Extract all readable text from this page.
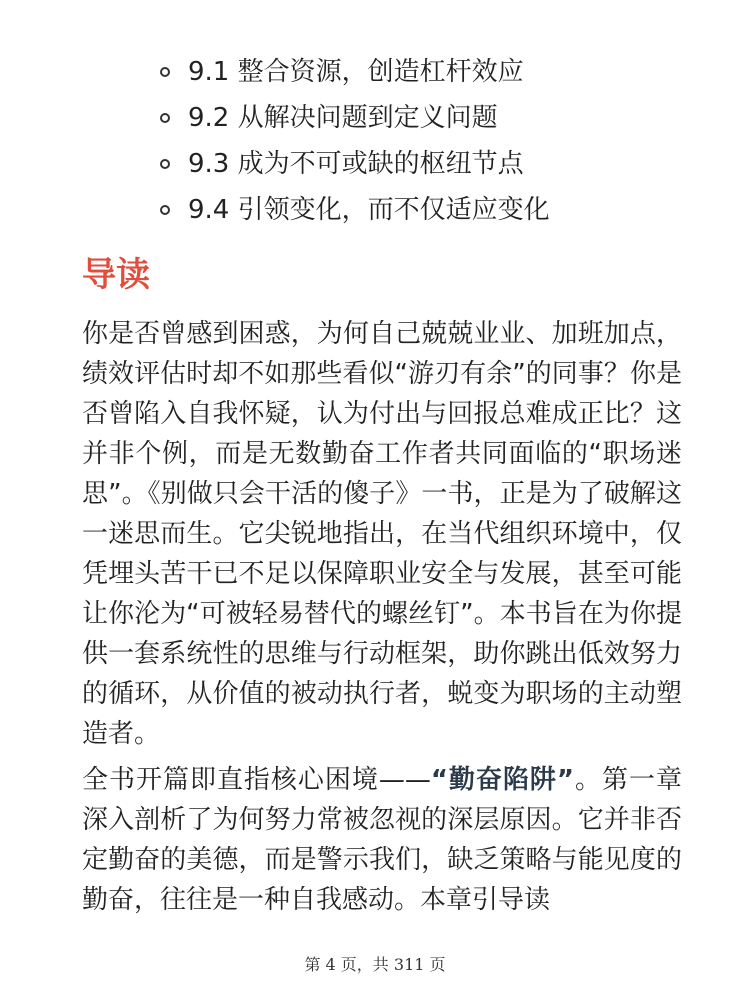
9.1 整合资源，创造杠杆效应
9.2 从解决问题到定义问题
9.3 成为不可或缺的枢纽节点
9.4 引领变化，而不仅适应变化
导读

你是否曾感到困惑，为何自己兢兢业业、加班加点，绩效评估时却不如那些看似“游刃有余”的同事？你是否曾陷入自我怀疑，认为付出与回报总难成正比？这并非个例，而是无数勤奋工作者共同面临的“职场迷思”。《别做只会干活的傻子》一书，正是为了破解这一迷思而生。它尖锐地指出，在当代组织环境中，仅凭埋头苦干已不足以保障职业安全与发展，甚至可能让你沦为“可被轻易替代的螺丝钉”。本书旨在为你提供一套系统性的思维与行动框架，助你跳出低效努力的循环，从价值的被动执行者，蜕变为职场的主动塑造者。

全书开篇即直指核心困境——“勤奋陷阱”。第一章深入剖析了为何努力常被忽视的深层原因。它并非否定勤奋的美德，而是警示我们，缺乏策略与能见度的勤奋，往往是一种自我感动。本章引导读

第 4 页，共 311 页
